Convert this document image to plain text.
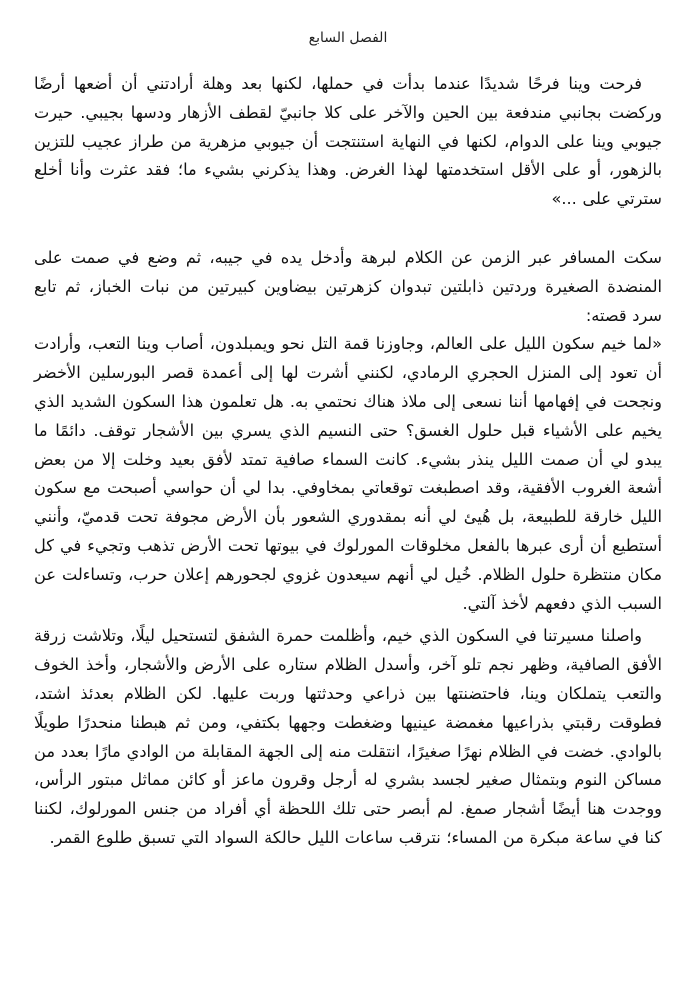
الفصل السابع

فرحت وينا فرحًا شديدًا عندما بدأت في حملها، لكنها بعد وهلة أرادتني أن أضعها أرضًا وركضت بجانبي مندفعة بين الحين والآخر على كلا جانبيّ لقطف الأزهار ودسها بجيبي. حيرت جيوبي وينا على الدوام، لكنها في النهاية استنتجت أن جيوبي مزهرية من طراز عجيب للتزين بالزهور، أو على الأقل استخدمتها لهذا الغرض. وهذا يذكرني بشيء ما؛ فقد عثرت وأنا أخلع سترتي على ...»

سكت المسافر عبر الزمن عن الكلام لبرهة وأدخل يده في جيبه، ثم وضع في صمت على المنضدة الصغيرة وردتين ذابلتين تبدوان كزهرتين بيضاوين كبيرتين من نبات الخباز، ثم تابع سرد قصته:

«لما خيم سكون الليل على العالم، وجاوزنا قمة التل نحو ويمبلدون، أصاب وينا التعب، وأرادت أن تعود إلى المنزل الحجري الرمادي، لكنني أشرت لها إلى أعمدة قصر البورسلين الأخضر ونجحت في إفهامها أننا نسعى إلى ملاذ هناك نحتمي به. هل تعلمون هذا السكون الشديد الذي يخيم على الأشياء قبل حلول الغسق؟ حتى النسيم الذي يسري بين الأشجار توقف. دائمًا ما يبدو لي أن صمت الليل ينذر بشيء. كانت السماء صافية تمتد لأفق بعيد وخلت إلا من بعض أشعة الغروب الأفقية، وقد اصطبغت توقعاتي بمخاوفي. بدا لي أن حواسي أصبحت مع سكون الليل خارقة للطبيعة، بل هُيئ لي أنه بمقدوري الشعور بأن الأرض مجوفة تحت قدميّ، وأنني أستطيع أن أرى عبرها بالفعل مخلوقات المورلوك في بيوتها تحت الأرض تذهب وتجيء في كل مكان منتظرة حلول الظلام. خُيل لي أنهم سيعدون غزوي لجحورهم إعلان حرب، وتساءلت عن السبب الذي دفعهم لأخذ آلتي.

واصلنا مسيرتنا في السكون الذي خيم، وأظلمت حمرة الشفق لتستحيل ليلًا، وتلاشت زرقة الأفق الصافية، وظهر نجم تلو آخر، وأسدل الظلام ستاره على الأرض والأشجار، وأخذ الخوف والتعب يتملكان وينا، فاحتضنتها بين ذراعي وحدثتها وربت عليها. لكن الظلام بعدئذ اشتد، فطوقت رقبتي بذراعيها مغمضة عينيها وضغطت وجهها بكتفي، ومن ثم هبطنا منحدرًا طويلًا بالوادي. خضت في الظلام نهرًا صغيرًا، انتقلت منه إلى الجهة المقابلة من الوادي مارًا بعدد من مساكن النوم وبتمثال صغير لجسد بشري له أرجل وقرون ماعز أو كائن مماثل مبتور الرأس، ووجدت هنا أيضًا أشجار صمغ. لم أبصر حتى تلك اللحظة أي أفراد من جنس المورلوك، لكننا كنا في ساعة مبكرة من المساء؛ نترقب ساعات الليل حالكة السواد التي تسبق طلوع القمر.
